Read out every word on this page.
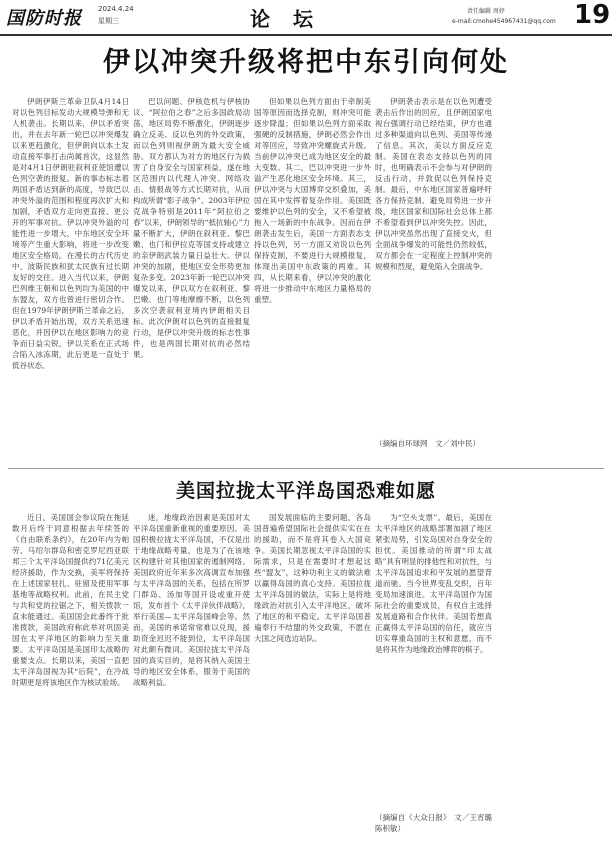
国防时报 2024.4.24
星期三	论 坛	责任编辑 周妤
e-mail:cmohe454967431@qq.com 19
伊以冲突升级将把中东引向何处

伊朗伊斯兰革命卫队4月14日对以色列目标发动大规模导弹和无人机袭击。长期以来，伊以矛盾突出，并在去年新一轮巴以冲突爆发以来更趋激化，但伊朗向以本土发动直接军事打击尚属首次，这显然是对4月1日伊朗驻叙利亚使馆遭以色列空袭的报复。新的事态标志着两国矛盾达到新的高度，导致巴以冲突外溢的范围和程度再次扩大和加剧，矛盾双方走向更直接、更公开的军事对抗。伊以冲突外溢的可能性进一步增大，中东地区安全环境等产生重大影响，将进一步改变地区安全格局。在漫长的古代历史中，波斯民族和犹太民族有过长期友好的交往。进入当代以来，伊朗巴列维王朝和以色列均为美国的中东盟友，双方也曾进行密切合作。但在1979年伊朗伊斯兰革命之后，伊以矛盾开始出现，双方关系迅速恶化，并因伊以在地区影响力的竞争而日益尖锐，伊以关系在正式场合陷入冰冻期，此后更是一直处于低谷状态。

巴以问题、伊核危机与伊核协议、“阿拉伯之春”之后多国政局动荡，地区局势不断激化，伊朗逐步确立反美、反以色列的外交政策，而以色列则视伊朗为最大安全威胁。双方都认为对方的地区行为损害了自身安全与国家利益，遂在地区范围内以代理人冲突、网络攻击、情报战等方式长期对抗，从而构成所谓“影子战争”。2003年伊拉克战争特别是2011年“阿拉伯之春”以来，伊朗领导的“抵抗轴心”力量不断扩大，伊朗在叙利亚、黎巴嫩、也门和伊拉克等国支持或建立的亲伊朗武装力量日益壮大。伊以冲突的加剧，使地区安全形势更加复杂多变。2023年新一轮巴以冲突爆发以来，伊以双方在叙利亚、黎巴嫩、也门等地摩擦不断，以色列多次空袭叙利亚境内伊朗相关目标。此次伊朗对以色列的直接报复行动，是伊以冲突升级的标志性事件，也是两国长期对抗的必然结果。

但如果以色列方面由于牵制美国等原因而选择克制，则冲突可能逐步降温；但如果以色列方面采取强硬的反制措施，伊朗必然会作出对等回应，导致冲突螺旋式升级。当前伊以冲突已成为地区安全的最大变数。其二，巴以冲突进一步外溢产生恶化地区安全环境。其三，伊以冲突与大国博弈交织叠加，美国在其中发挥着复杂作用。美国既要维护以色列的安全，又不希望被拖入一场新的中东战争。因而在伊朗袭击发生后，美国一方面表态支持以色列，另一方面又劝说以色列保持克制，不要进行大规模报复，体现出美国中东政策的两难。其四，从长期来看，伊以冲突的激化将进一步推动中东地区力量格局的重塑。

伊朗袭击表示是在以色列遭受袭击后作出的回应，且伊朗国家电视台强调行动已经结束，伊方也通过多种渠道向以色列、美国等传递了信息。其次，美以方面反应克制。美国在表态支持以色列的同时，也明确表示不会参与对伊朗的反击行动，并敦促以色列保持克制。最后，中东地区国家普遍呼吁各方保持克制、避免局势进一步升级，地区国家和国际社会总体上都不希望看到伊以冲突失控。因此，伊以冲突虽然出现了直接交火，但全面战争爆发的可能性仍然较低，双方都会在一定程度上控制冲突的规模和烈度，避免陷入全面战争。

（摘编自环球网　文／刘中民）

美国拉拢太平洋岛国恐难如愿

近日，美国国会参议院在拖延数月后终于同意根据去年续签的《自由联系条约》，在20年内为帕劳、马绍尔群岛和密克罗尼西亚联邦三个太平洋岛国提供约71亿美元经济援助，作为交换，美军将保持在上述国家驻扎、驻留及使用军事基地等战略权利。此前，在民主党与共和党的拉锯之下，相关拨款一直未能通过。美国国会此番终于批准拨款，美国政府称此举对巩固美国在太平洋地区的影响力至关重要。太平洋岛国是美国印太战略的重要支点。长期以来，美国一直把太平洋岛国视为其“后院”，在冷战时期更是将该地区作为核试验场。

迷，地缘政治因素是美国对太平洋岛国重新重视的重要原因。美国积极拉拢太平洋岛国，不仅是出于地缘战略考量，也是为了在该地区构建针对其他国家的遏制网络。美国政府近年来多次高调宣布加强与太平洋岛国的关系，包括在所罗门群岛、汤加等国开设或重开使馆，发布首个《太平洋伙伴战略》，举行美国—太平洋岛国峰会等。然而，美国的承诺常常难以兑现，援助资金迟迟不能到位，太平洋岛国对此颇有微词。美国拉拢太平洋岛国的真实目的，是将其纳入美国主导的地区安全体系，服务于美国的战略利益。

国发展面临的主要问题，各岛国普遍希望国际社会提供实实在在的援助，而不是将其卷入大国竞争。美国长期忽视太平洋岛国的实际需求，只是在需要时才想起这些“盟友”，这种功利主义的做法难以赢得岛国的真心支持。美国拉拢太平洋岛国的做法，实际上是将地缘政治对抗引入太平洋地区，破坏了地区的和平稳定。太平洋岛国普遍奉行不结盟的外交政策，不愿在大国之间选边站队。

为“空头支票”。最后，美国在太平洋地区的战略部署加剧了地区紧张局势，引发岛国对自身安全的担忧。美国推动的所谓“印太战略”具有明显的排他性和对抗性，与太平洋岛国追求和平发展的愿望背道而驰。当今世界变乱交织，百年变局加速演进。太平洋岛国作为国际社会的重要成员，有权自主选择发展道路和合作伙伴。美国若想真正赢得太平洋岛国的信任，就应当切实尊重岛国的主权和意愿，而不是将其作为地缘政治博弈的棋子。

（摘编自《大众日报》　文／王宵璐陈积敏）
